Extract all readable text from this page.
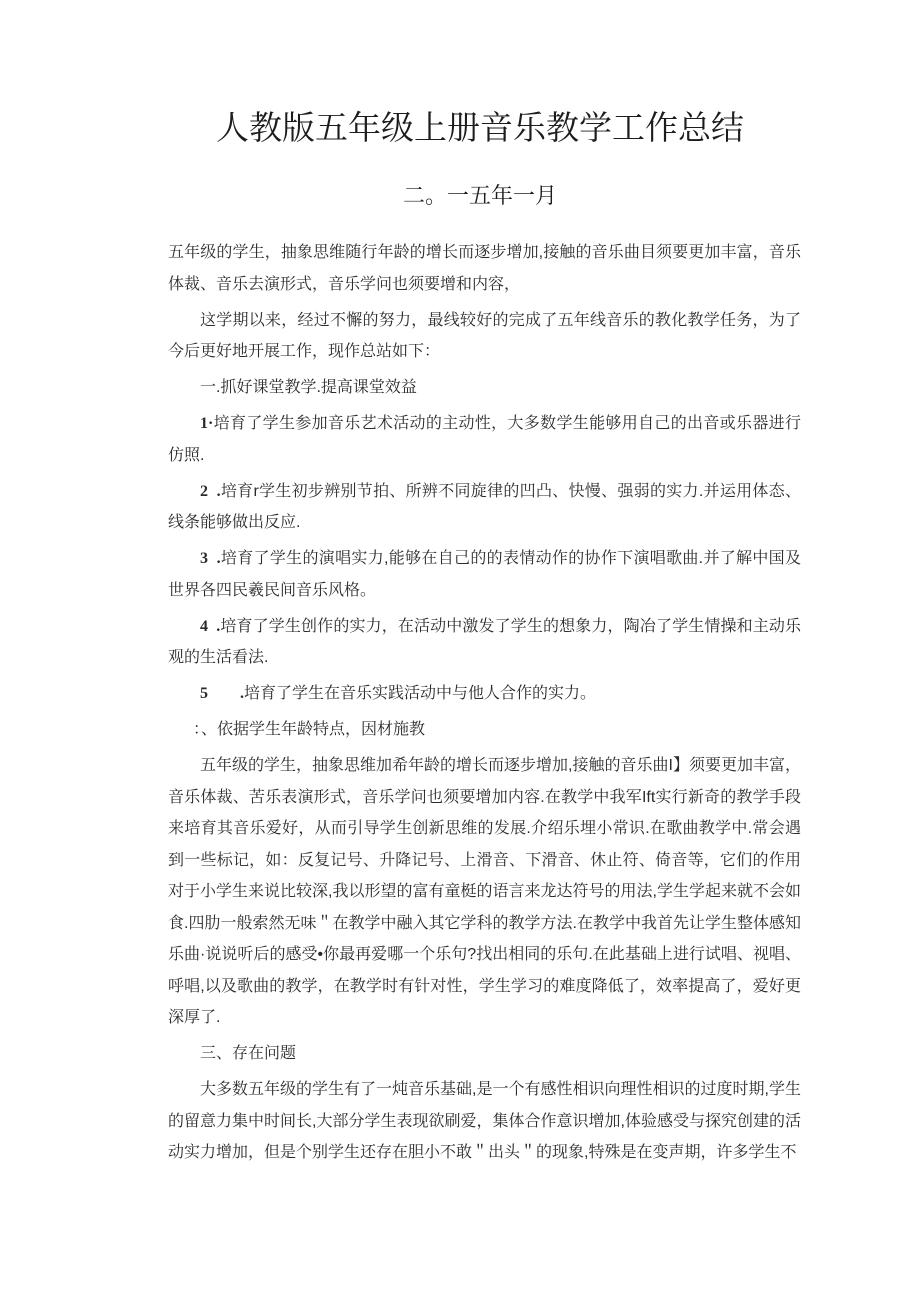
人教版五年级上册音乐教学工作总结
二。一五年一月

五年级的学生，抽象思维随行年龄的增长而逐步增加,接触的音乐曲目须要更加丰富，音乐体裁、音乐去演形式，音乐学问也须要增和内容，

这学期以来，经过不懈的努力，最线较好的完成了五年线音乐的教化教学任务，为了今后更好地开展工作，现作总站如下：

一.抓好课堂教学.提高课堂效益

1·培育了学生参加音乐艺术活动的主动性，大多数学生能够用自己的出音或乐器进行仿照.

2  .培育r学生初步辨别节拍、所辨不同旋律的凹凸、快慢、强弱的实力.并运用体态、线条能够做出反应.

3  .培育了学生的演唱实力,能够在自己的的表情动作的协作下演唱歌曲.并了解中国及世界各四民羲民间音乐风格。

4  .培育了学生创作的实力，在活动中激发了学生的想象力，陶冶了学生情操和主动乐观的生活看法.

5        .培育了学生在音乐实践活动中与他人合作的实力。

：、依据学生年龄特点，因材施教

五年级的学生，抽象思维加希年龄的增长而逐步增加,接触的音乐曲I】须要更加丰富，音乐体裁、苦乐表演形式，音乐学问也须要增加内容.在教学中我军Ift实行新奇的教学手段来培育其音乐爱好，从而引导学生创新思维的发展.介绍乐埋小常识.在歌曲教学中.常会遇到一些标记，如：反复记号、升降记号、上滑音、下滑音、休止符、倚音等，它们的作用对于小学生来说比较深,我以形望的富有童梃的语言来龙达符号的用法,学生学起来就不会如食.四肋一般索然无味＂在教学中融入其它学科的教学方法.在教学中我首先让学生整体感知乐曲·说说听后的感受•你最再爱哪一个乐句?找出相同的乐句.在此基础上进行试唱、视唱、呼唱,以及歌曲的教学，在教学时有针对性，学生学习的难度降低了，效率提高了，爱好更深厚了.

三、存在问题

大多数五年级的学生有了一炖音乐基础,是一个有感性相识向理性相识的过度时期,学生的留意力集中时间长,大部分学生表现欲刷爱，集体合作意识增加,体验感受与探究创建的活动实力增加，但是个别学生还存在胆小不敢＂出头＂的现象,特殊是在变声期，许多学生不
